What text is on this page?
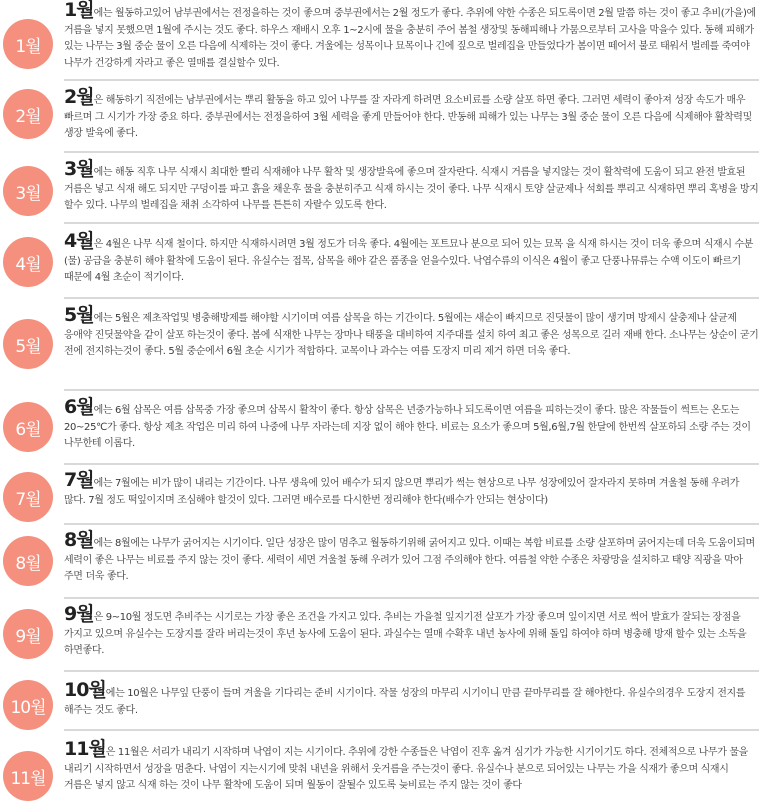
1월
1월에는 월동하고있어 남부권에서는 전정을하는 것이 좋으며 중부권에서는 2월 정도가 좋다. 추위에 약한 수종은 되도록이면 2월 말쯤 하는 것이 좋고 추비(가을)에 거름을 넣지 못했으면 1월에 주시는 것도 좋다. 하우스 재배시 오후 1~2시에 물을 충분히 주어 봄철 생장및 동해피해나 가뭄으로부터 고사을 막을수 있다. 동해 피해가 있는 나무는 3월 중순 물이 오른 다음에 식제하는 것이 좋다. 겨울에는 성목이나 묘목이나 긴에 짚으로 벌레집을 만들었다가 봄이면 떼어서 불로 태워서 벌레를 죽여야 나무가 건강하게 자라고 좋은 열매를 결실할수 있다.
2월
2월은 해동하기 직전에는 남부권에서는 뿌리 활동을 하고 있어 나무를 잘 자라게 하려면 요소비료를 소량 살포 하면 좋다. 그러면 세력이 좋아져 성장 속도가 매우 빠르며 그 시기가 가장 중요 하다. 중부권에서는 전정을하여 3월 세력을 좋게 만들어야 한다. 반동해 피해가 있는 나무는 3월 중순 물이 오른 다음에 식제해야 활착력및 생장 발육에 좋다.
3월
3월에는 해동 직후 나무 식재시 최대한 빨리 식재해야 나무 활착 및 생장발육에 좋으며 잘자란다. 식재시 거름을 넣지않는 것이 활착력에 도움이 되고 완전 발효된 거름은 넣고 식재 해도 되지만 구덩이를 파고 흙을 채운후 물을 충분히주고 식재 하시는 것이 좋다. 나무 식재시 토양 살균제나 석회를 뿌리고 식재하면 뿌리 혹병을 방지 할수 있다. 나무의 벌레집을 채취 소각하여 나무를 튼튼히 자랄수 있도록 한다.
4월
4월은 4월은 나무 식재 철이다. 하지만 식재하시려면 3월 정도가 더욱 좋다. 4월에는 포트묘나 분으로 되어 있는 묘목 을 식재 하시는 것이 더욱 좋으며 식재시 수분(물) 공급을 충분히 해야 활착에 도움이 된다. 유실수는 접목, 삽목을 해야 같은 품종을 얻을수있다. 낙엽수류의 이식은 4월이 좋고 단풍나뮤류는 수액 이도이 빠르기 때문에 4월 초순이 적기이다.
5월
5월에는 5월은 제초작업및 병충해방제를 해야할 시기이며 여름 삽목을 하는 기간이다. 5월에는 새순이 빠지므로 진딧물이 많이 생기며 방제시 살충제나 살균제 응애약 진딧물약을 같이 살포 하는것이 좋다. 봄에 식재한 나무는 장마나 태풍을 대비하여 지주대를 설치 하여 최고 좋은 성목으로 길러 재배 한다. 소나무는 상순이 굳기 전에 전지하는것이 좋다. 5월 중순에서 6월 초순 시기가 적합하다. 교목이나 과수는 여름 도장지 미리 제거 하면 더욱 좋다.
6월
6월에는 6월 삽목은 여름 삽목중 가장 좋으며 삽목시 활착이 좋다. 항상 삽목은 년중가능하나 되도록이면 여름을 피하는것이 좋다. 많은 작물들이 썩트는 온도는 20~25℃가 좋다. 항상 제초 작업은 미리 하여 나중에 나무 자라는데 지장 없이 해야 한다. 비료는 요소가 좋으며 5월,6월,7월 한달에 한번씩 살포하되 소량 주는 것이 나무한테 이롭다.
7월
7월에는 7월에는 비가 많이 내리는 기간이다. 나무 생육에 있어 배수가 되지 않으면 뿌리가 썩는 현상으로 나무 성장에있어 잘자라지 못하며 겨울철 동해 우려가 많다. 7월 정도 떡잎이지며 조심해야 할것이 있다. 그러면 배수로를 다시한번 정리해야 한다(배수가 안되는 현상이다)
8월
8월에는 8월에는 나무가 굵어지는 시기이다. 일단 성장은 많이 멈추고 월동하기위해 굵어지고 있다. 이때는 복합 비료를 소량 살포하며 굵어지는데 더욱 도움이되며 세력이 좋은 나무는 비료를 주지 않는 것이 좋다. 세력이 세면 겨울철 동해 우려가 있어 그점 주의해야 한다. 여름철 약한 수종은 차광망을 설치하고 태양 직광을 막아 주면 더욱 좋다.
9월
9월은 9~10월 정도면 추비주는 시기로는 가장 좋은 조건을 가지고 있다. 추비는 가을철 잎지기전 살포가 가장 좋으며 잎이지면 서로 썩어 발효가 잘되는 장점을 가지고 있으며 유실수는 도장지를 잘라 버리는것이 후년 농사에 도움이 된다. 과실수는 열매 수확후 내년 농사에 위해 돌입 하여야 하며 병충해 방재 할수 있는 소독을 하면좋다.
10월
10월에는 10월은 나무잎 단풍이 들며 겨울을 기다리는 준비 시기이다. 작물 성장의 마무리 시기이니 만큼 끝마무리를 잘 해야한다. 유실수의경우 도장지 전지를 해주는 것도 좋다.
11월
11월은 11월은 서리가 내리기 시작하며 낙엽이 지는 시기이다. 추위에 강한 수종들은 낙엽이 진후 옮겨 심기가 가능한 시기이기도 하다. 전체적으로 나무가 물을 내리기 시작하면서 성장을 멈춘다. 낙엽이 지는시기에 맞춰 내년을 위해서 웃거름을 주는것이 좋다. 유실수나 분으로 되어있는 나무는 가을 식재가 좋으며 식재시 거름은 넣지 않고 식재 하는 것이 나무 활착에 도움이 되며 월동이 잘될수 있도록 늦비료는 주지 않는 것이 좋다
